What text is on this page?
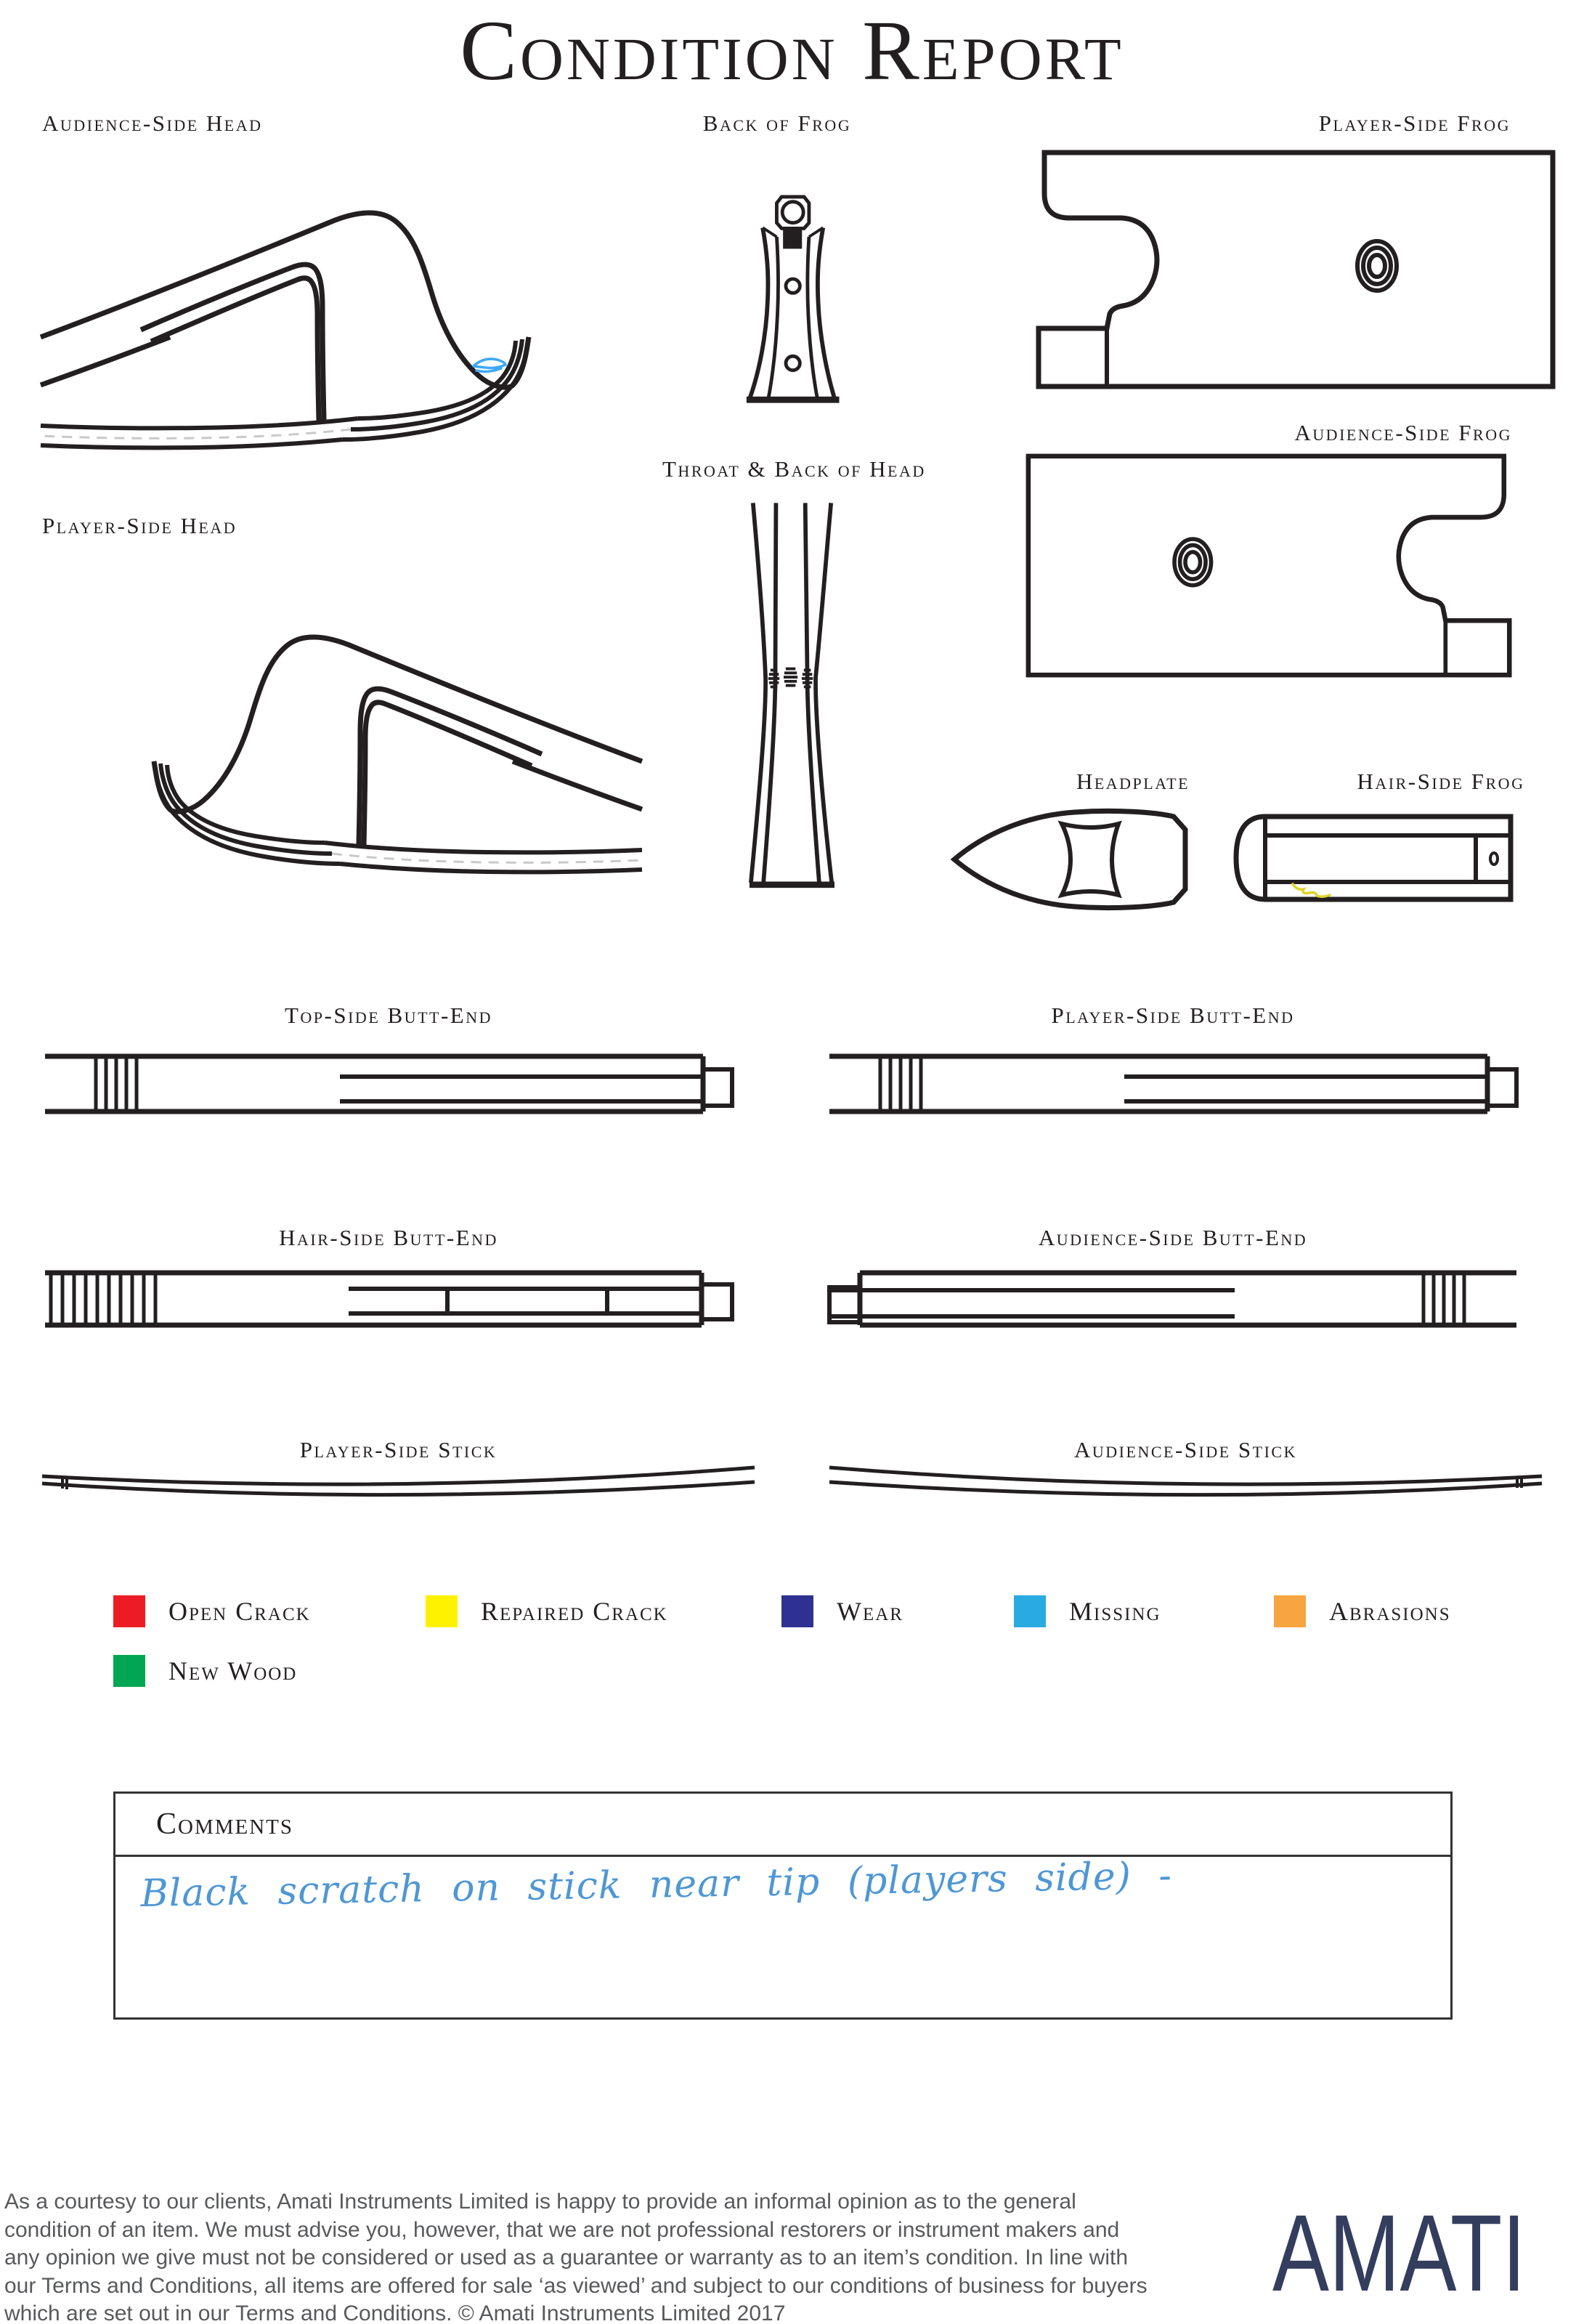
Condition Report
Audience-Side Head	Back of Frog	Player-Side Frog
Audience-Side Frog
Player-Side Head
Throat & Back of Head
Headplate	Hair-Side Frog
Top-Side Butt-End	Player-Side Butt-End
Hair-Side Butt-End	Audience-Side Butt-End
Player-Side Stick	Audience-Side Stick
Open Crack	Repaired Crack	Wear	Missing	Abrasions
New Wood
Comments
Black scratch on stick near tip (players side) -
As a courtesy to our clients, Amati Instruments Limited is happy to provide an informal opinion as to the general condition of an item. We must advise you, however, that we are not professional restorers or instrument makers and any opinion we give must not be considered or used as a guarantee or warranty as to an item’s condition. In line with our Terms and Conditions, all items are offered for sale ‘as viewed’ and subject to our conditions of business for buyers which are set out in our Terms and Conditions. © Amati Instruments Limited 2017	AMATI
